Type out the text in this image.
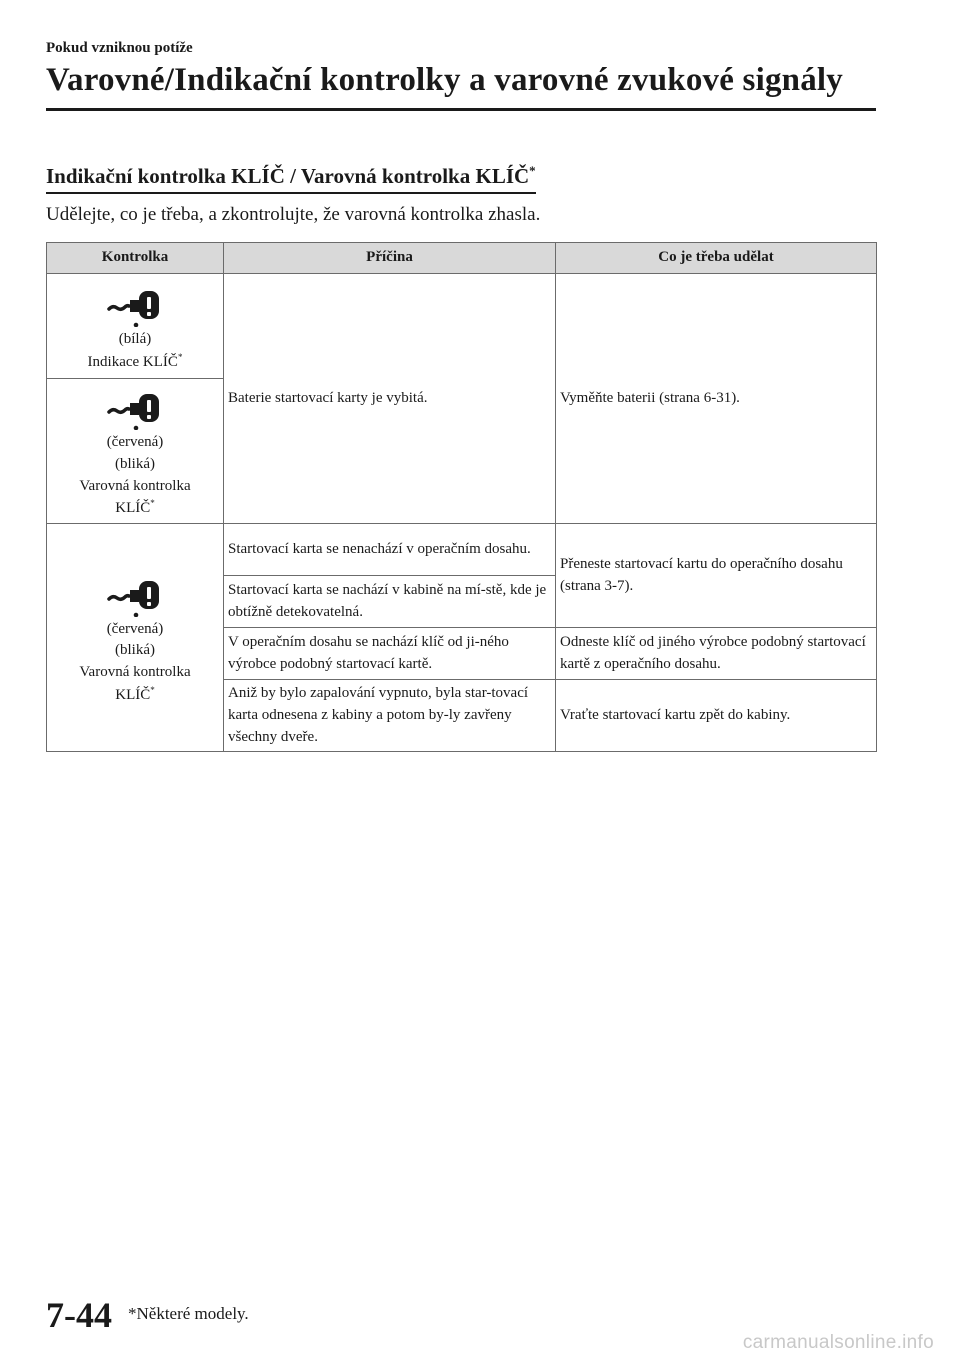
Pokud vzniknou potíže
Varovné/Indikační kontrolky a varovné zvukové signály
Indikační kontrolka KLÍČ / Varovná kontrolka KLÍČ*
Udělejte, co je třeba, a zkontrolujte, že varovná kontrolka zhasla.
Kontrolka	Příčina	Co je třeba udělat

(bílá)
Indikace KLÍČ*	Baterie startovací karty je vybitá.	Vyměňte baterii (strana 6-31).

(červená)
(bliká)
Varovná kontrolka
KLÍČ*

(červená)
(bliká)
Varovná kontrolka
KLÍČ*	Startovací karta se nenachází v operačním dosahu.	Přeneste startovací kartu do operačního dosahu (strana 3-7).
	Startovací karta se nachází v kabině na mí-stě, kde je obtížně detekovatelná.	
	V operačním dosahu se nachází klíč od ji-ného výrobce podobný startovací kartě.	Odneste klíč od jiného výrobce podobný startovací kartě z operačního dosahu.
	Aniž by bylo zapalování vypnuto, byla star-tovací karta odnesena z kabiny a potom by-ly zavřeny všechny dveře.	Vraťte startovací kartu zpět do kabiny.
7-44 *Některé modely.
carmanualsonline.info
